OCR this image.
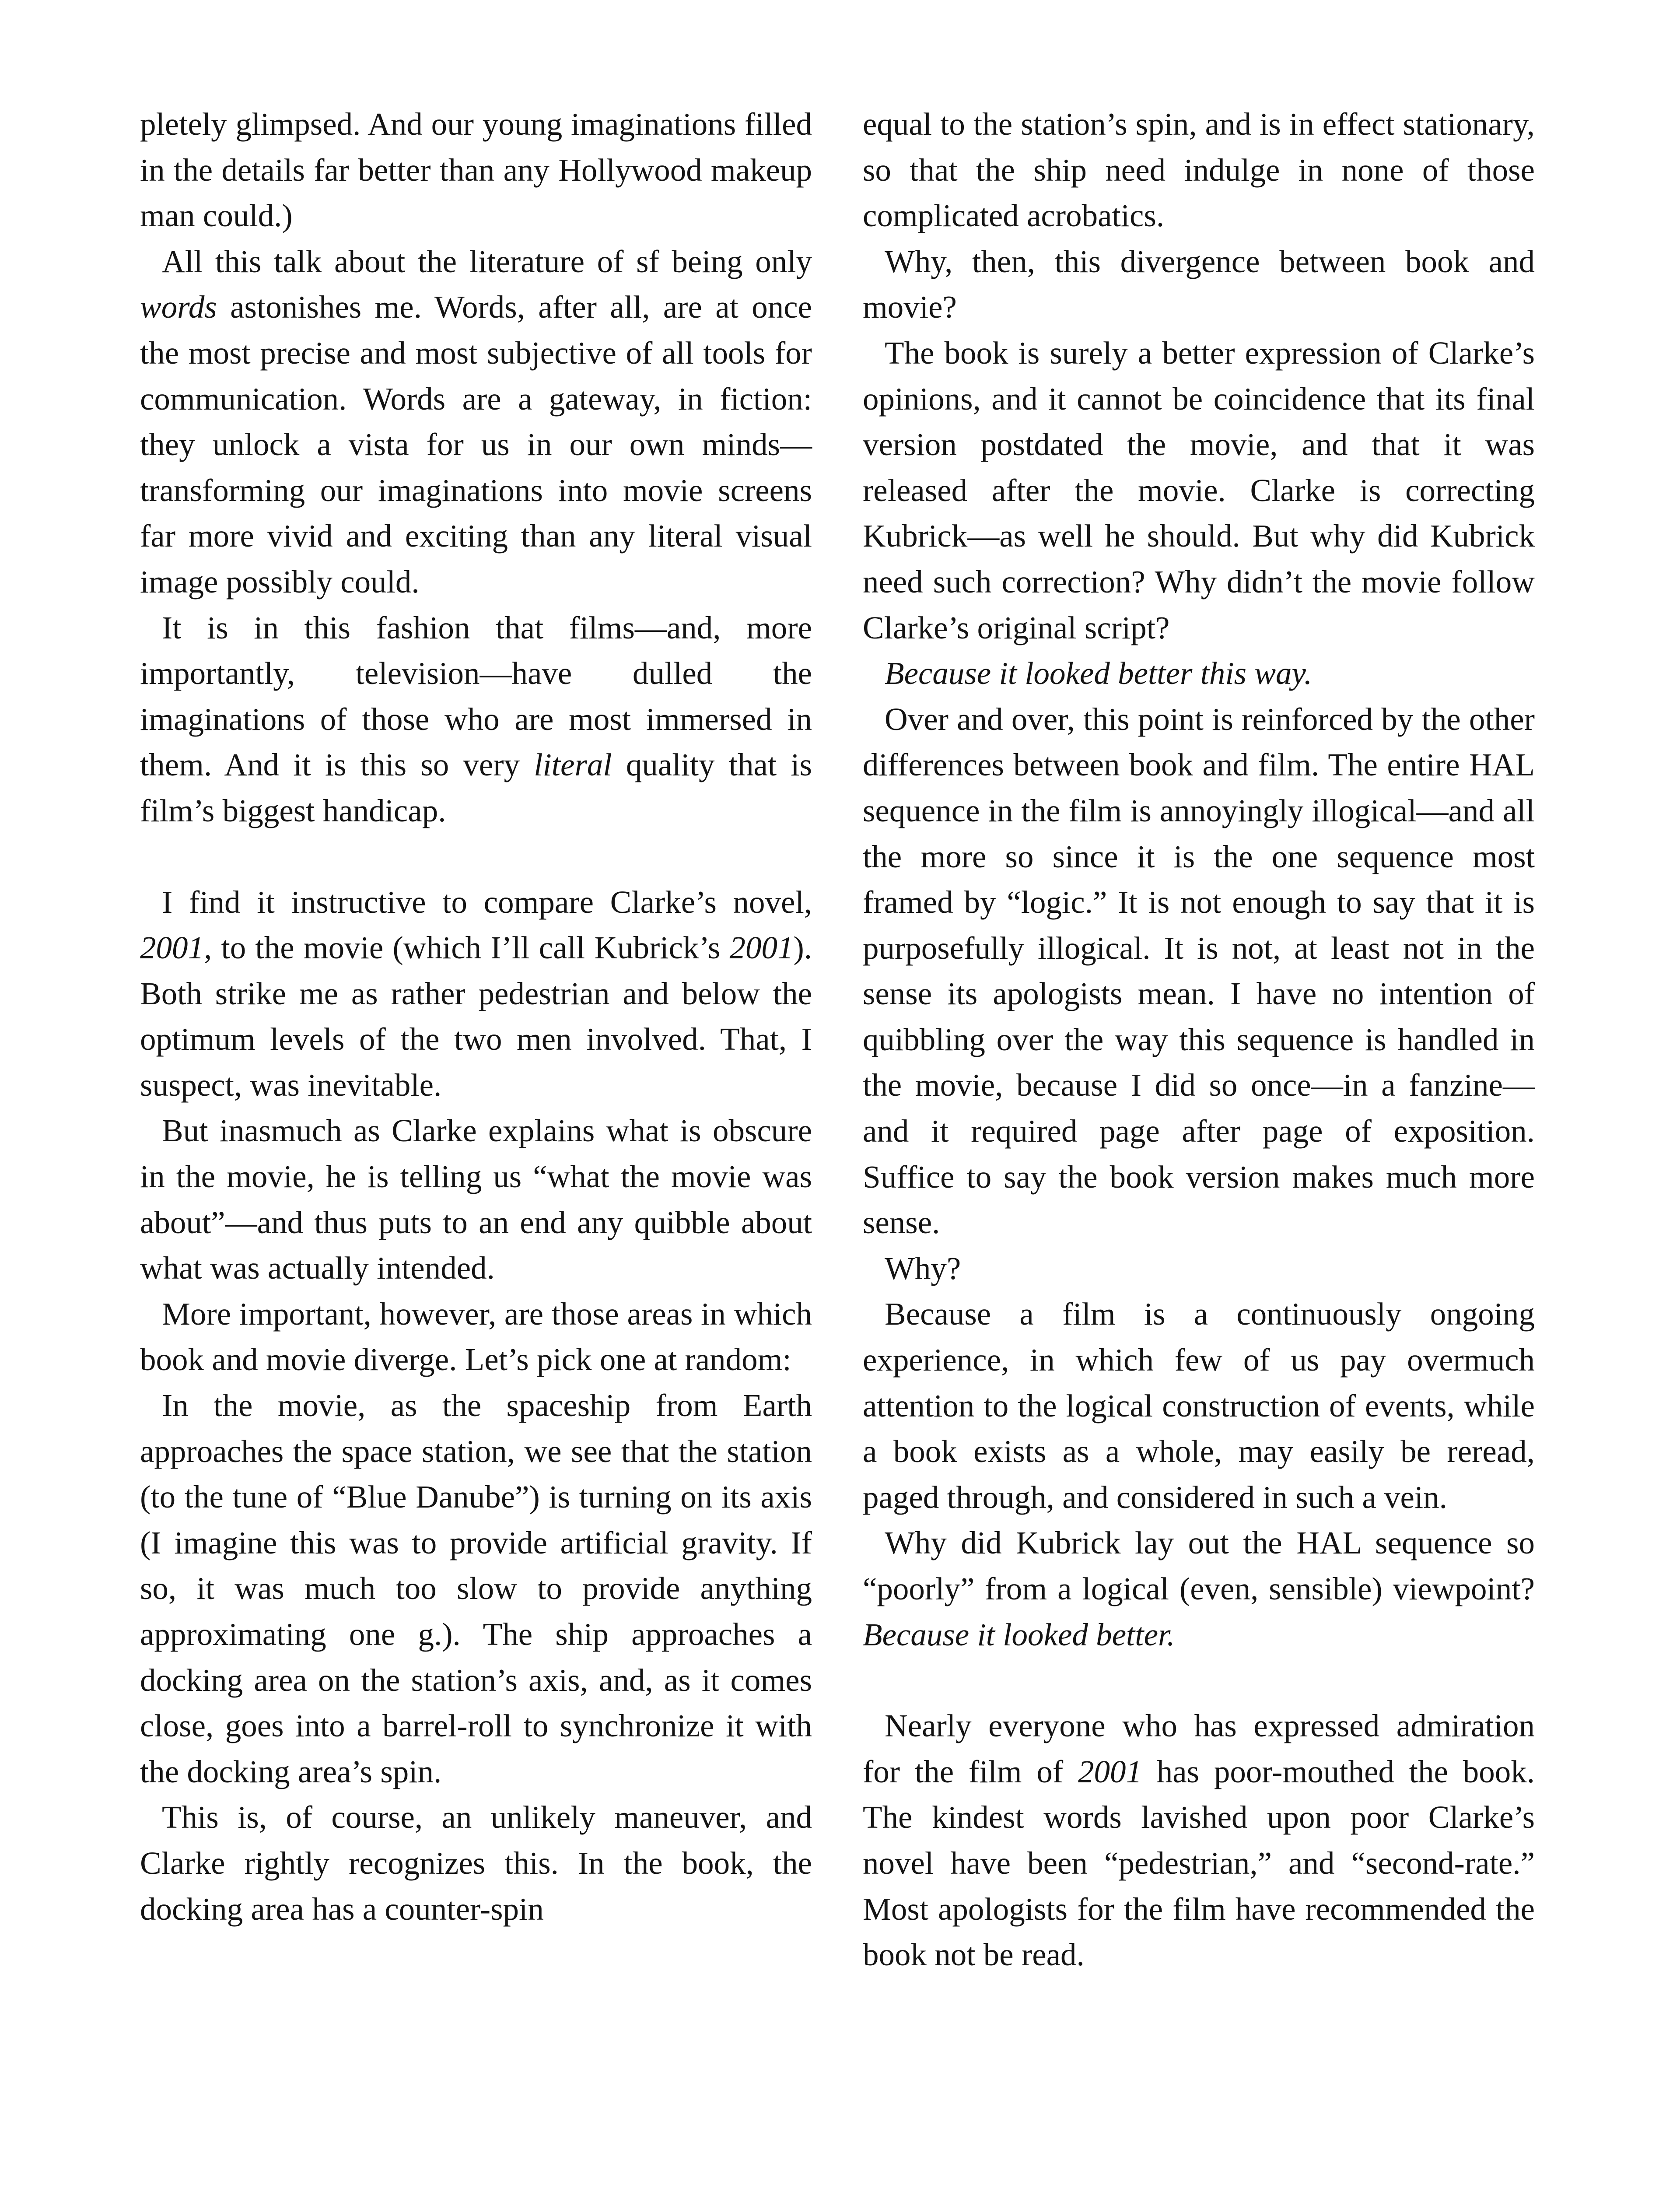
pletely glimpsed. And our young imaginations filled in the details far better than any Hollywood makeup man could.)

All this talk about the literature of sf being only words astonishes me. Words, after all, are at once the most precise and most subjective of all tools for communication. Words are a gateway, in fiction: they unlock a vista for us in our own minds—transforming our imaginations into movie screens far more vivid and exciting than any literal visual image possibly could.

It is in this fashion that films—and, more importantly, television—have dulled the imaginations of those who are most immersed in them. And it is this so very literal quality that is film’s biggest handicap.

I find it instructive to compare Clarke’s novel, 2001, to the movie (which I’ll call Kubrick’s 2001). Both strike me as rather pedestrian and below the optimum levels of the two men involved. That, I suspect, was inevitable.

But inasmuch as Clarke explains what is obscure in the movie, he is telling us “what the movie was about”—and thus puts to an end any quibble about what was actually intended.

More important, however, are those areas in which book and movie diverge. Let’s pick one at random:

In the movie, as the spaceship from Earth approaches the space station, we see that the station (to the tune of “Blue Danube”) is turning on its axis (I imagine this was to provide artificial gravity. If so, it was much too slow to provide anything approximating one g.). The ship approaches a docking area on the station’s axis, and, as it comes close, goes into a barrel-roll to synchronize it with the docking area’s spin.

This is, of course, an unlikely maneuver, and Clarke rightly recognizes this. In the book, the docking area has a counter-spin

equal to the station’s spin, and is in effect stationary, so that the ship need indulge in none of those complicated acrobatics.

Why, then, this divergence between book and movie?

The book is surely a better expression of Clarke’s opinions, and it cannot be coincidence that its final version postdated the movie, and that it was released after the movie. Clarke is correcting Kubrick—as well he should. But why did Kubrick need such correction? Why didn’t the movie follow Clarke’s original script?

Because it looked better this way.

Over and over, this point is reinforced by the other differences between book and film. The entire HAL sequence in the film is annoyingly illogical—and all the more so since it is the one sequence most framed by “logic.” It is not enough to say that it is purposefully illogical. It is not, at least not in the sense its apologists mean. I have no intention of quibbling over the way this sequence is handled in the movie, because I did so once—in a fanzine—and it required page after page of exposition. Suffice to say the book version makes much more sense.

Why?

Because a film is a continuously ongoing experience, in which few of us pay overmuch attention to the logical construction of events, while a book exists as a whole, may easily be reread, paged through, and considered in such a vein.

Why did Kubrick lay out the HAL sequence so “poorly” from a logical (even, sensible) viewpoint? Because it looked better.

Nearly everyone who has expressed admiration for the film of 2001 has poor-mouthed the book. The kindest words lavished upon poor Clarke’s novel have been “pedestrian,” and “second-rate.” Most apologists for the film have recommended the book not be read.
